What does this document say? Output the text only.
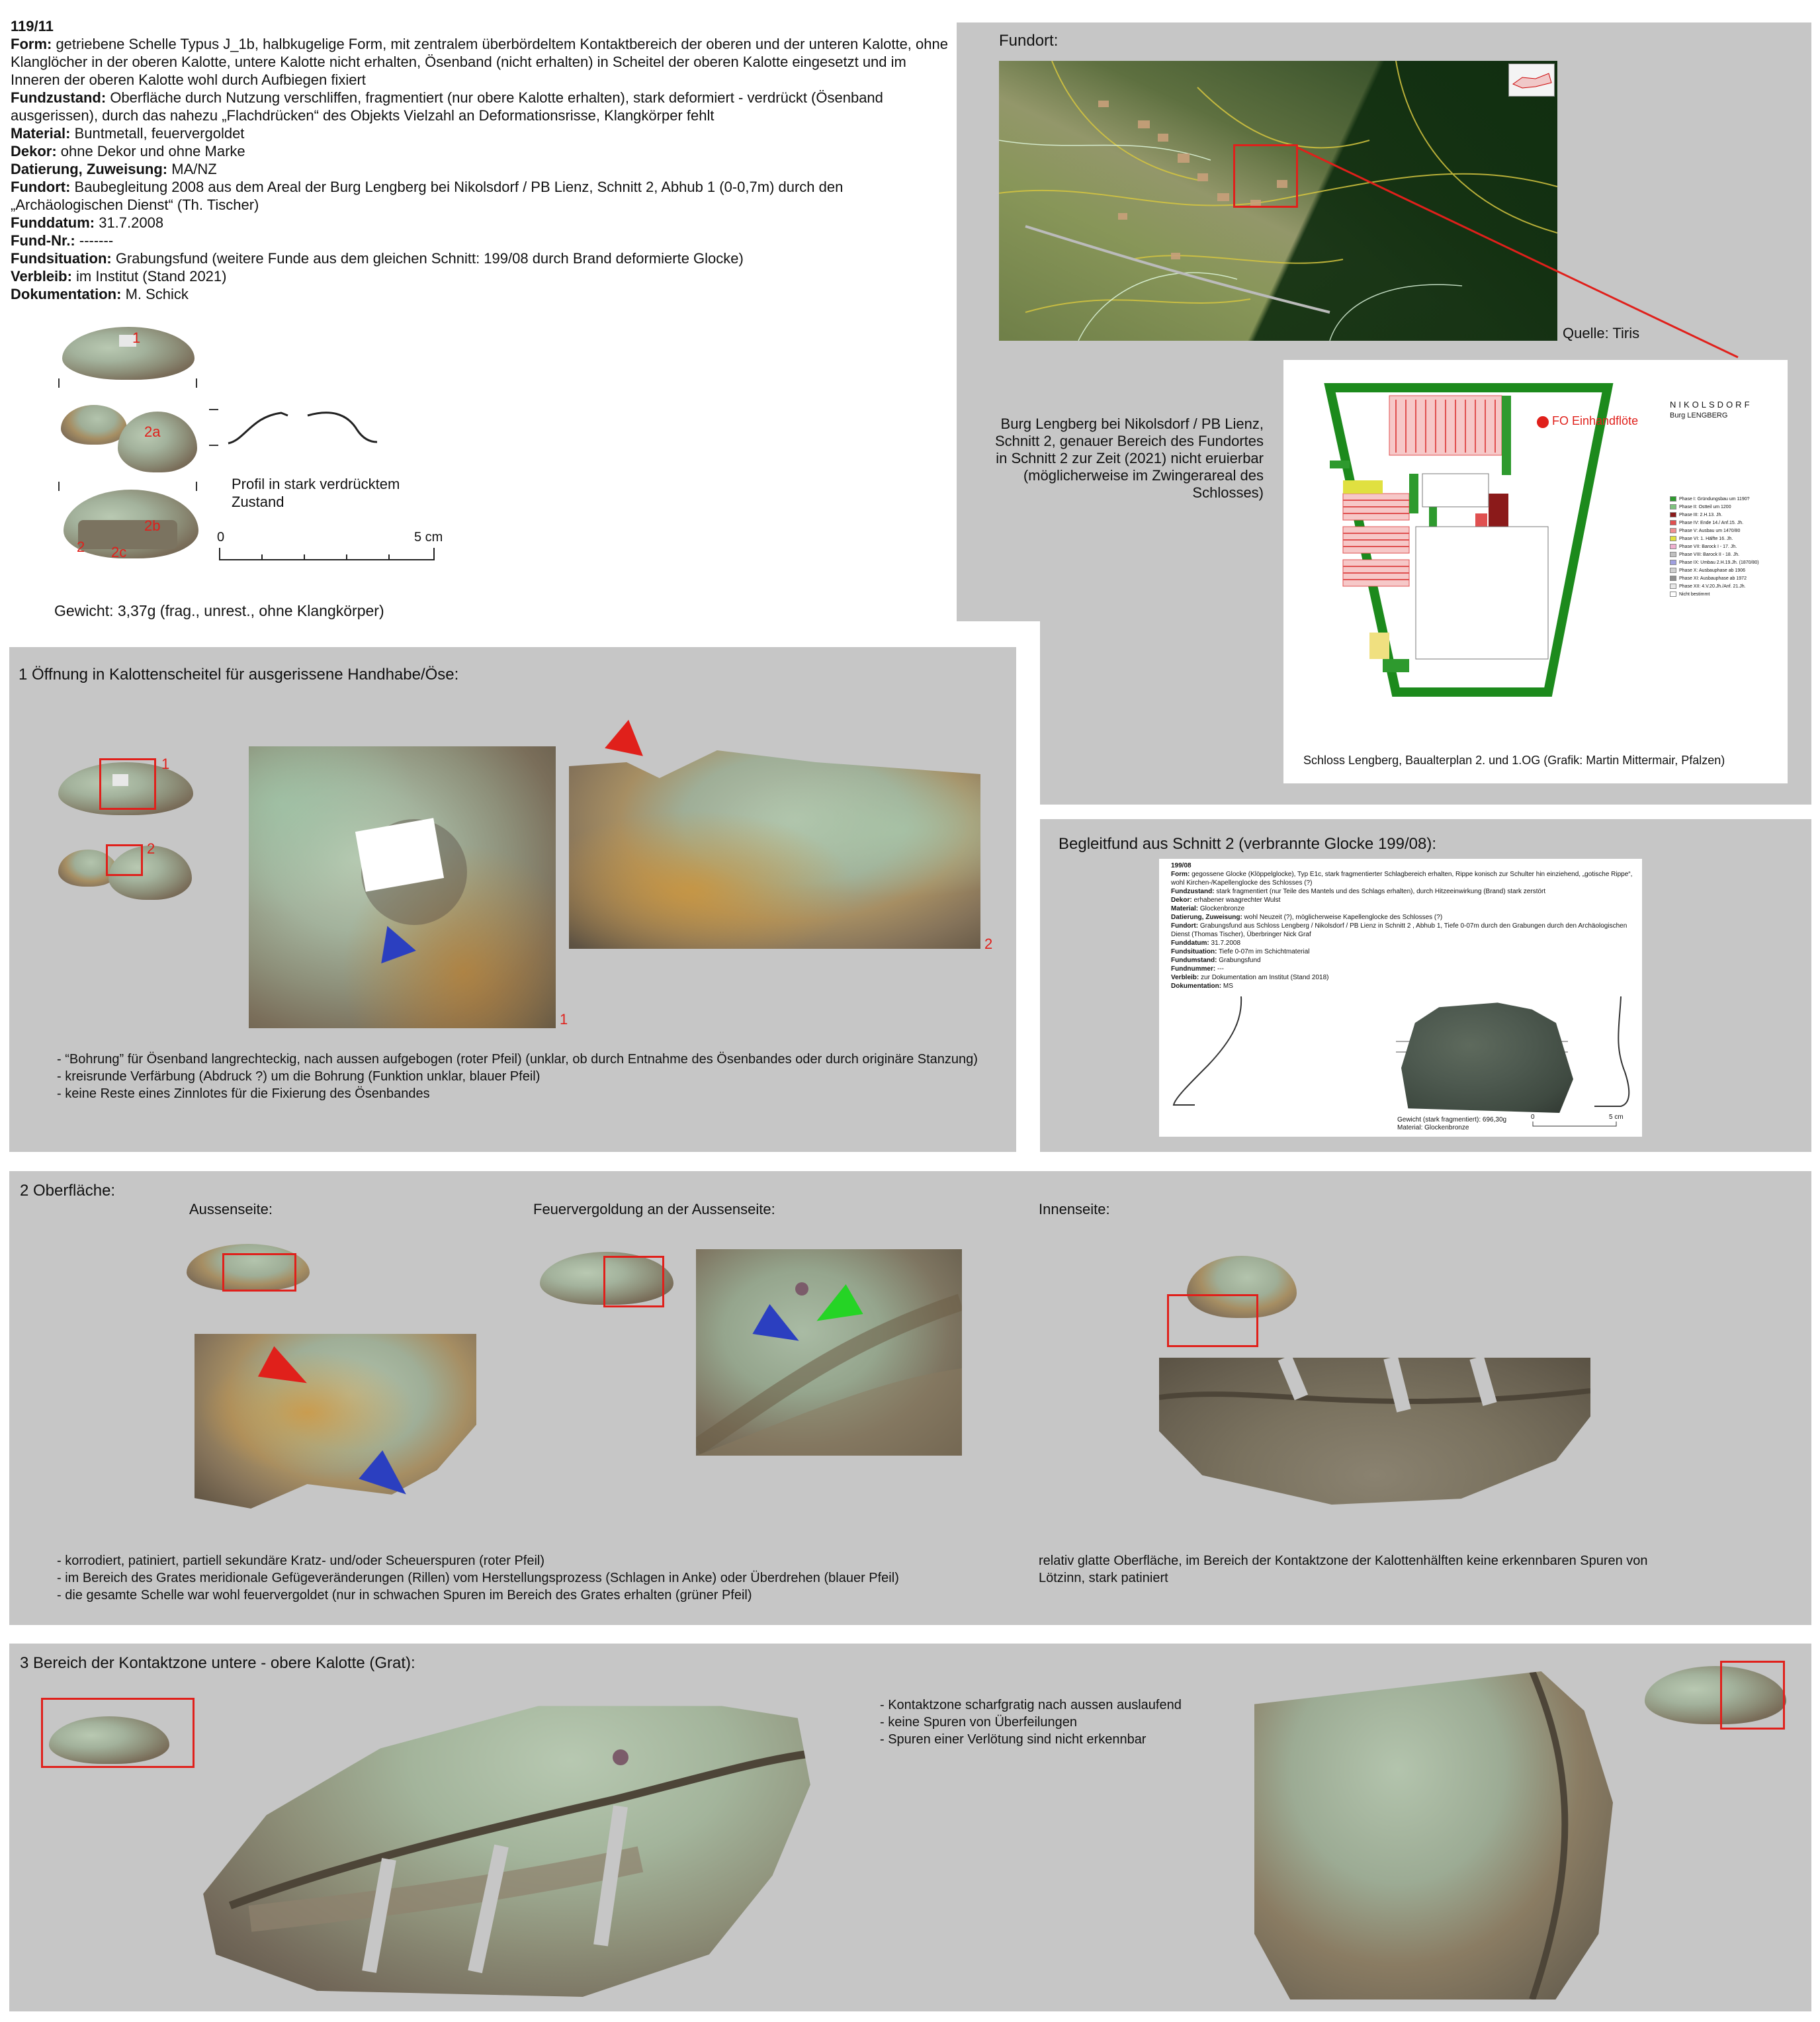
119/11
Form: getriebene Schelle Typus J_1b, halbkugelige Form, mit zentralem überbördeltem Kontaktbereich der oberen und der unteren Kalotte, ohne Klanglöcher in der oberen Kalotte, untere Kalotte nicht erhalten, Ösenband (nicht erhalten) in Scheitel der oberen Kalotte eingesetzt und im Inneren der oberen Kalotte wohl durch Aufbiegen fixiert
Fundzustand: Oberfläche durch Nutzung verschliffen, fragmentiert (nur obere Kalotte erhalten), stark deformiert - verdrückt (Ösenband ausgerissen), durch das nahezu „Flachdrücken“ des Objekts Vielzahl an Deformationsrisse, Klangkörper fehlt
Material: Buntmetall, feuervergoldet
Dekor: ohne Dekor und ohne Marke
Datierung, Zuweisung: MA/NZ
Fundort: Baubegleitung 2008 aus dem Areal der Burg Lengberg bei Nikolsdorf / PB Lienz, Schnitt 2, Abhub 1 (0-0,7m) durch den „Archäologischen Dienst“ (Th. Tischer)
Funddatum: 31.7.2008
Fund-Nr.: -------
Fundsituation: Grabungsfund (weitere Funde aus dem gleichen Schnitt: 199/08 durch Brand deformierte Glocke)
Verbleib: im Institut (Stand 2021)
Dokumentation: M. Schick
1
2a
2b
2 2c
Profil in stark verdrücktem Zustand
0	5 cm
Gewicht: 3,37g (frag., unrest., ohne Klangkörper)
Fundort:
Quelle: Tiris
Burg Lengberg bei Nikolsdorf / PB Lienz, Schnitt 2, genauer Bereich des Fundortes in Schnitt 2 zur Zeit (2021) nicht eruierbar (möglicherweise im Zwingerareal des Schlosses)
FO Einhandflöte
NIKOLSDORF
Burg LENGBERG
Phase I: Gründungsbau um 1190?
Phase II: Ostteil um 1200
Phase III: 2.H.13. Jh.
Phase IV: Ende 14./ Anf.15. Jh.
Phase V: Ausbau um 1470/80
Phase VI: 1. Hälfte 16. Jh.
Phase VII: Barock I - 17. Jh.
Phase VIII: Barock II - 18. Jh.
Phase IX: Umbau 2.H.19.Jh. (1870/80)
Phase X: Ausbauphase ab 1906
Phase XI: Ausbauphase ab 1972
Phase XII: 4.V.20.Jh./Anf. 21.Jh.
Nicht bestimmt
Schloss Lengberg, Baualterplan 2. und 1.OG (Grafik: Martin Mittermair, Pfalzen)
1 Öffnung in Kalottenscheitel für ausgerissene Handhabe/Öse:
1
2
1
2
- “Bohrung” für Ösenband langrechteckig, nach aussen aufgebogen (roter Pfeil) (unklar, ob durch Entnahme des Ösenbandes oder durch originäre Stanzung)
- kreisrunde Verfärbung (Abdruck ?) um die Bohrung (Funktion unklar, blauer Pfeil)
- keine Reste eines Zinnlotes für die Fixierung des Ösenbandes
Begleitfund aus Schnitt 2 (verbrannte Glocke 199/08):
199/08
Form: gegossene Glocke (Klöppelglocke), Typ E1c, stark fragmentierter Schlagbereich erhalten, Rippe konisch zur Schulter hin einziehend, „gotische Rippe“, wohl Kirchen-/Kapellenglocke des Schlosses (?)
Fundzustand: stark fragmentiert (nur Teile des Mantels und des Schlags erhalten), durch Hitzeeinwirkung (Brand) stark zerstört
Dekor: erhabener waagrechter Wulst
Material: Glockenbronze
Datierung, Zuweisung: wohl Neuzeit (?), möglicherweise Kapellenglocke des Schlosses (?)
Fundort: Grabungsfund aus Schloss Lengberg / Nikolsdorf / PB Lienz in Schnitt 2 , Abhub 1, Tiefe 0-07m durch den Grabungen durch den Archäologischen Dienst (Thomas Tischer), Überbringer Nick Graf
Funddatum: 31.7.2008
Fundsituation: Tiefe 0-07m im Schichtmaterial
Fundumstand: Grabungsfund
Fundnummer: ---
Verbleib: zur Dokumentation am Institut (Stand 2018)
Dokumentation: MS
Gewicht (stark fragmentiert): 696,30g
Material: Glockenbronze
0	5 cm
2 Oberfläche:
Aussenseite:	Feuervergoldung an der Aussenseite:	Innenseite:
- korrodiert, patiniert, partiell sekundäre Kratz- und/oder Scheuerspuren (roter Pfeil)
- im Bereich des Grates meridionale Gefügeveränderungen (Rillen) vom Herstellungsprozess (Schlagen in Anke) oder Überdrehen (blauer Pfeil)
- die gesamte Schelle war wohl feuervergoldet (nur in schwachen Spuren im Bereich des Grates erhalten (grüner Pfeil)
relativ glatte Oberfläche, im Bereich der Kontaktzone der Kalottenhälften keine erkennbaren Spuren von Lötzinn, stark patiniert
3 Bereich der Kontaktzone untere - obere Kalotte (Grat):
- Kontaktzone scharfgratig nach aussen auslaufend
- keine Spuren von Überfeilungen
- Spuren einer Verlötung sind nicht erkennbar
